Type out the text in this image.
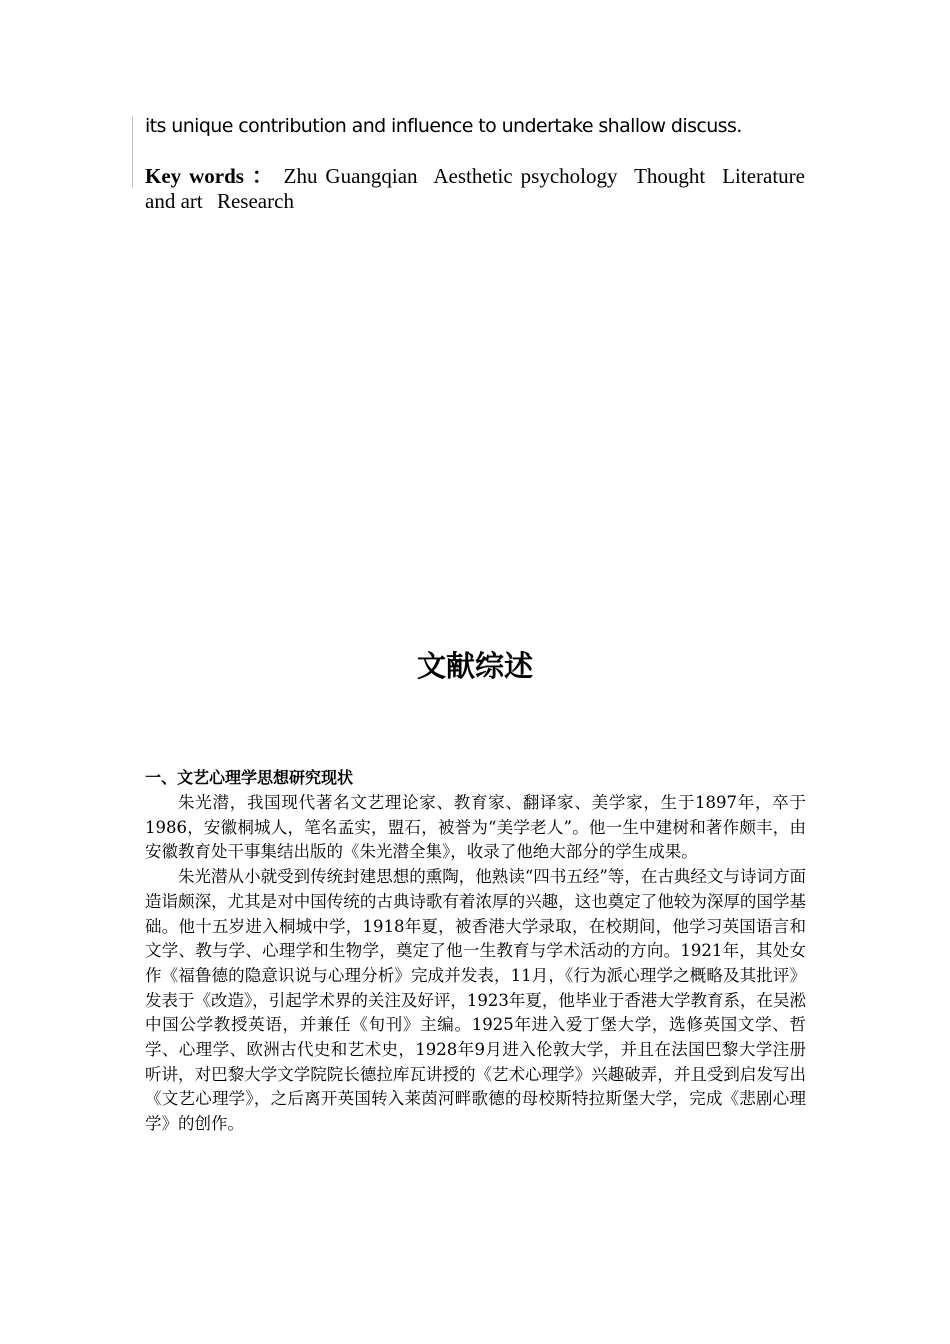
its unique contribution and influence to undertake shallow discuss.
Key words ： Zhu Guangqian Aesthetic psychology Thought Literature and art Research
文献综述
一、文艺心理学思想研究现状

朱光潜，我国现代著名文艺理论家、教育家、翻译家、美学家，生于1897年，卒于1986，安徽桐城人，笔名孟实，盟石，被誉为“美学老人”。他一生中建树和著作颇丰，由安徽教育处干事集结出版的《朱光潜全集》，收录了他绝大部分的学生成果。

朱光潜从小就受到传统封建思想的熏陶，他熟读“四书五经”等，在古典经文与诗词方面造诣颇深，尤其是对中国传统的古典诗歌有着浓厚的兴趣，这也奠定了他较为深厚的国学基础。他十五岁进入桐城中学，1918年夏，被香港大学录取，在校期间，他学习英国语言和文学、教与学、心理学和生物学，奠定了他一生教育与学术活动的方向。1921年，其处女作《福鲁德的隐意识说与心理分析》完成并发表，11月，《行为派心理学之概略及其批评》发表于《改造》，引起学术界的关注及好评，1923年夏，他毕业于香港大学教育系，在吴淞中国公学教授英语，并兼任《旬刊》主编。1925年进入爱丁堡大学，选修英国文学、哲学、心理学、欧洲古代史和艺术史，1928年9月进入伦敦大学，并且在法国巴黎大学注册听讲，对巴黎大学文学院院长德拉库瓦讲授的《艺术心理学》兴趣破弄，并且受到启发写出《文艺心理学》，之后离开英国转入莱茵河畔歌德的母校斯特拉斯堡大学，完成《悲剧心理学》的创作。
